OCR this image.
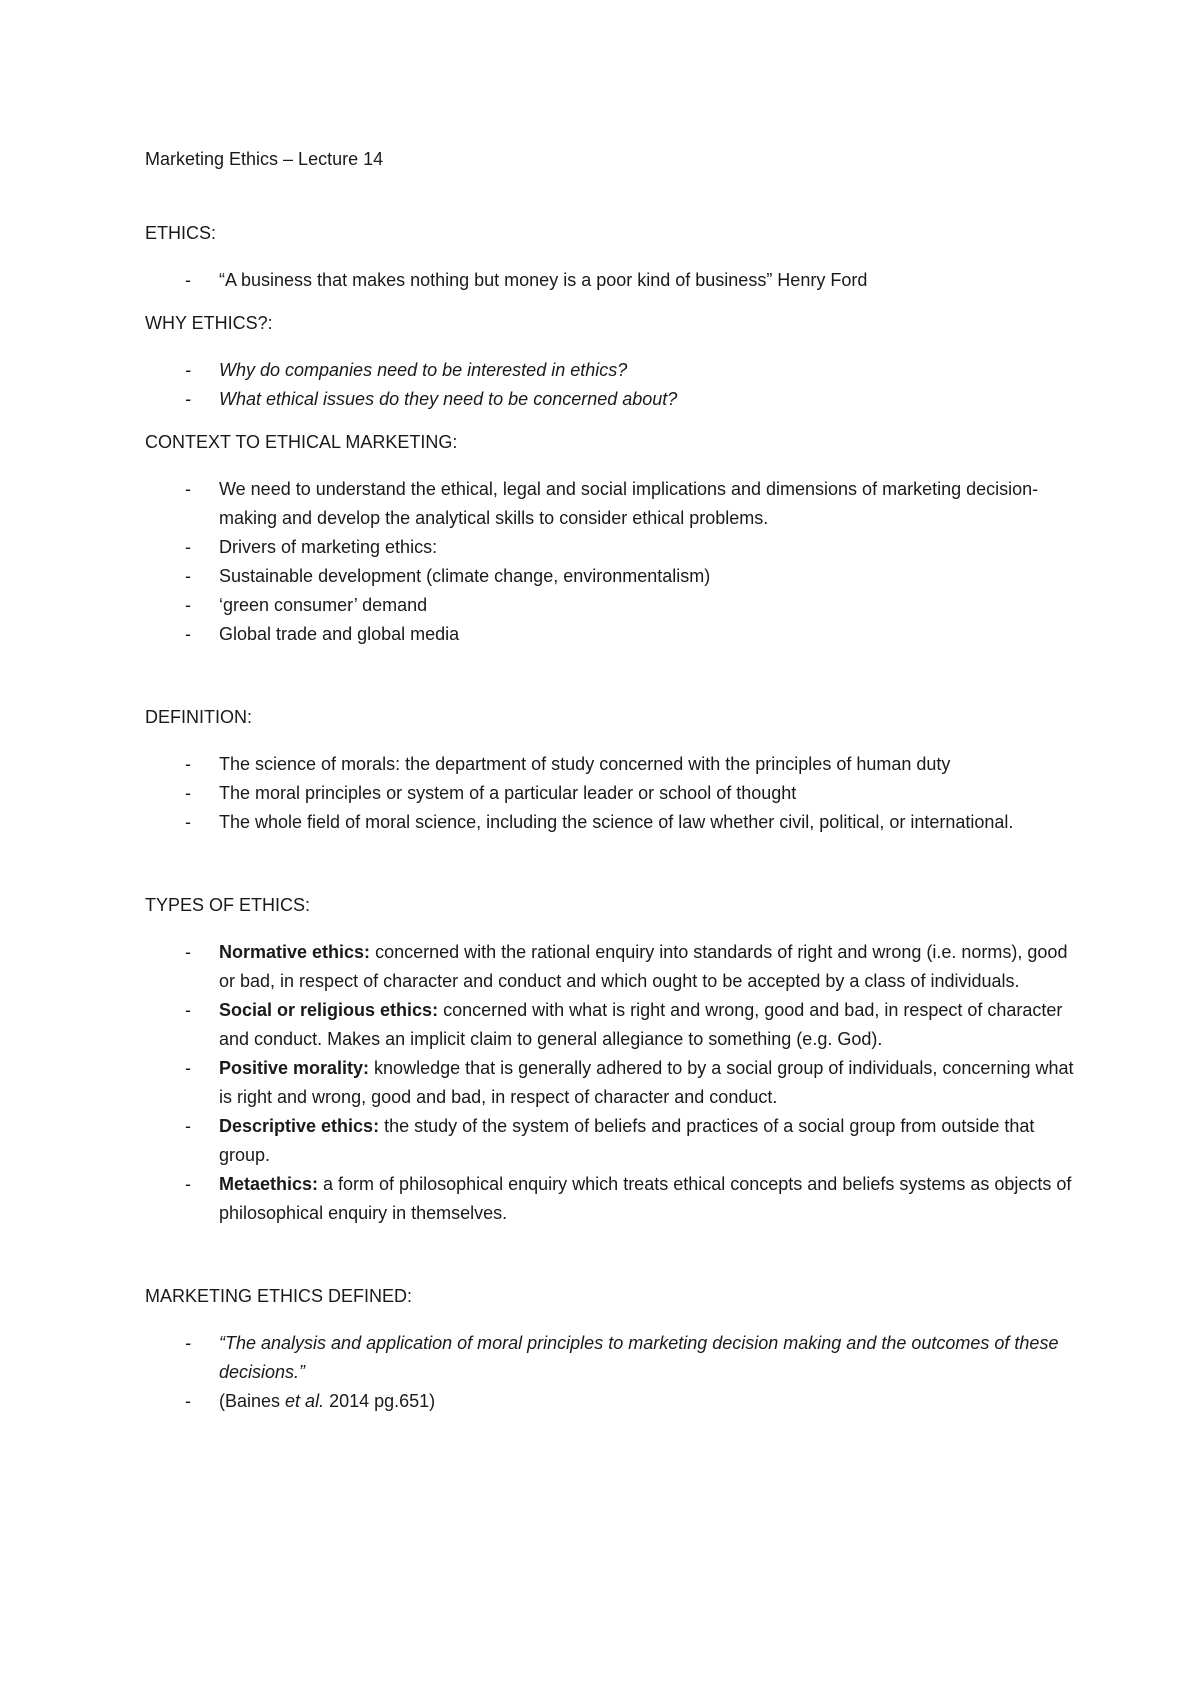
Marketing Ethics – Lecture 14

ETHICS:

- “A business that makes nothing but money is a poor kind of business” Henry Ford

WHY ETHICS?:

- Why do companies need to be interested in ethics?
- What ethical issues do they need to be concerned about?

CONTEXT TO ETHICAL MARKETING:

- We need to understand the ethical, legal and social implications and dimensions of marketing decision-making and develop the analytical skills to consider ethical problems.
- Drivers of marketing ethics:
- Sustainable development (climate change, environmentalism)
- ‘green consumer’ demand
- Global trade and global media

DEFINITION:

- The science of morals: the department of study concerned with the principles of human duty
- The moral principles or system of a particular leader or school of thought
- The whole field of moral science, including the science of law whether civil, political, or international.

TYPES OF ETHICS:

- Normative ethics: concerned with the rational enquiry into standards of right and wrong (i.e. norms), good or bad, in respect of character and conduct and which ought to be accepted by a class of individuals.
- Social or religious ethics: concerned with what is right and wrong, good and bad, in respect of character and conduct. Makes an implicit claim to general allegiance to something (e.g. God).
- Positive morality: knowledge that is generally adhered to by a social group of individuals, concerning what is right and wrong, good and bad, in respect of character and conduct.
- Descriptive ethics: the study of the system of beliefs and practices of a social group from outside that group.
- Metaethics: a form of philosophical enquiry which treats ethical concepts and beliefs systems as objects of philosophical enquiry in themselves.

MARKETING ETHICS DEFINED:

- “The analysis and application of moral principles to marketing decision making and the outcomes of these decisions.”
- (Baines et al. 2014 pg.651)
